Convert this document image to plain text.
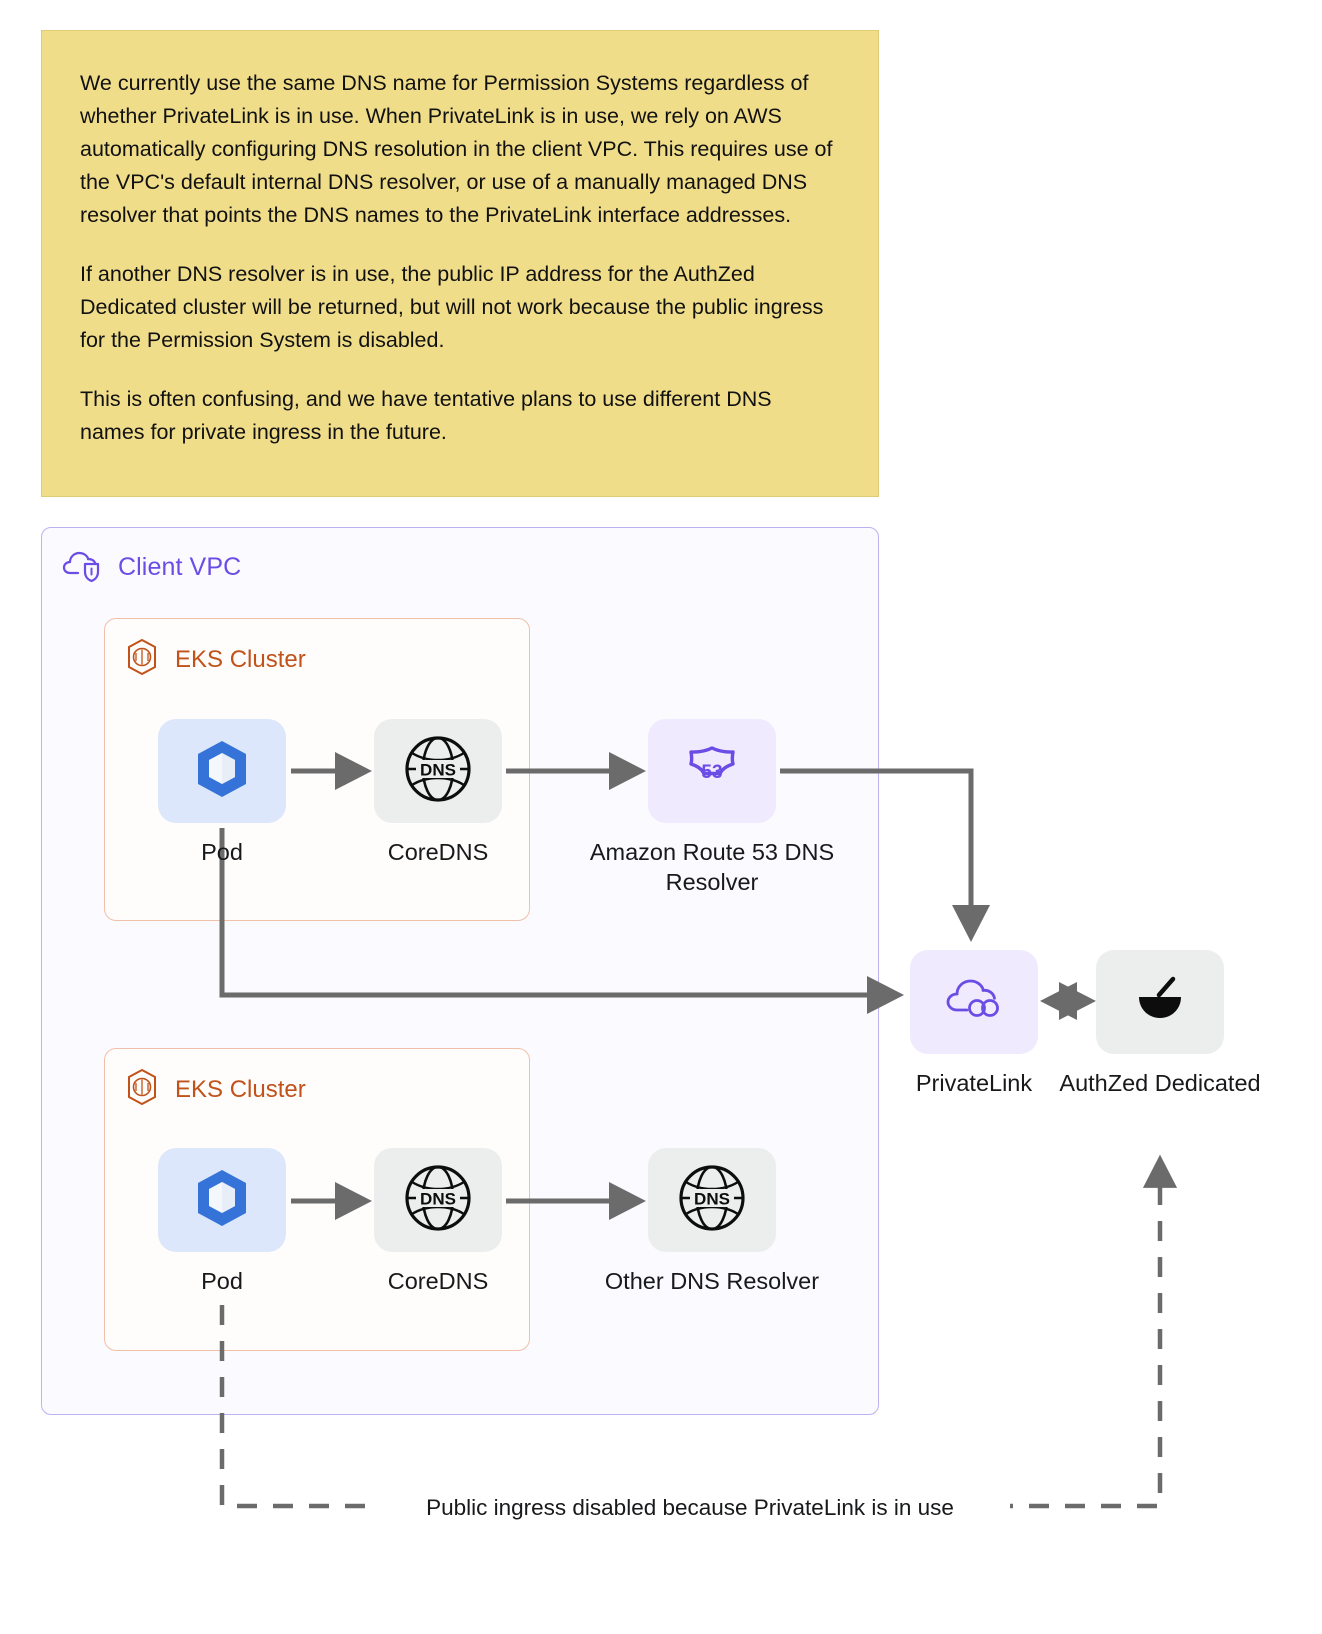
We currently use the same DNS name for Permission Systems regardless of whether PrivateLink is in use. When PrivateLink is in use, we rely on AWS automatically configuring DNS resolution in the client VPC. This requires use of the VPC's default internal DNS resolver, or use of a manually managed DNS resolver that points the DNS names to the PrivateLink interface addresses.

If another DNS resolver is in use, the public IP address for the AuthZed Dedicated cluster will be returned, but will not work because the public ingress for the Permission System is disabled.

This is often confusing, and we have tentative plans to use different DNS names for private ingress in the future.

Client VPC
EKS Cluster
EKS Cluster
Pod
DNS
CoreDNS
53
Amazon Route 53 DNS Resolver
Pod
DNS
CoreDNS
DNS
Other DNS Resolver
PrivateLink	AuthZed Dedicated
Public ingress disabled because PrivateLink is in use
